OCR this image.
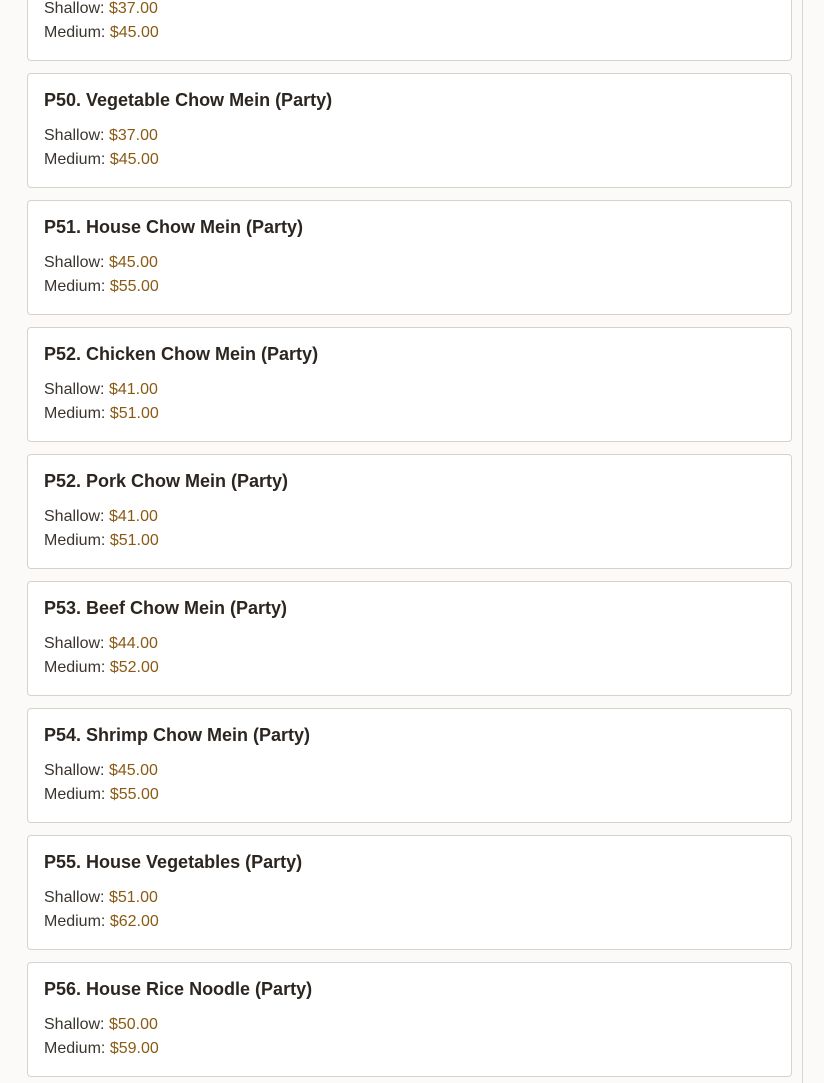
Shallow: $37.00
Medium: $45.00
P50. Vegetable Chow Mein (Party)
Shallow: $37.00
Medium: $45.00
P51. House Chow Mein (Party)
Shallow: $45.00
Medium: $55.00
P52. Chicken Chow Mein (Party)
Shallow: $41.00
Medium: $51.00
P52. Pork Chow Mein (Party)
Shallow: $41.00
Medium: $51.00
P53. Beef Chow Mein (Party)
Shallow: $44.00
Medium: $52.00
P54. Shrimp Chow Mein (Party)
Shallow: $45.00
Medium: $55.00
P55. House Vegetables (Party)
Shallow: $51.00
Medium: $62.00
P56. House Rice Noodle (Party)
Shallow: $50.00
Medium: $59.00
